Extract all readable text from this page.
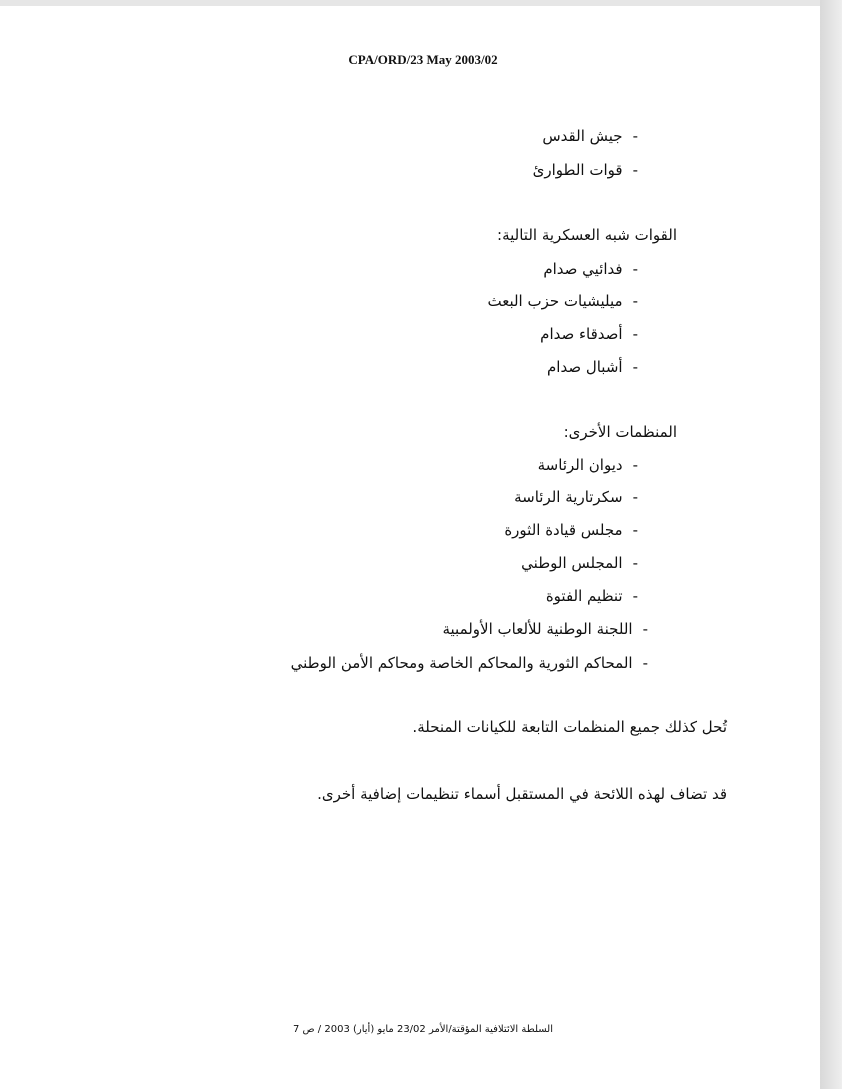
CPA/ORD/23 May 2003/02
-جيش القدس
-قوات الطوارئ
القوات شبه العسكرية التالية:
-فدائيي صدام
-ميليشيات حزب البعث
-أصدقاء صدام
-أشبال صدام
المنظمات الأخرى:
-ديوان الرئاسة
-سكرتارية الرئاسة
-مجلس قيادة الثورة
-المجلس الوطني
-تنظيم الفتوة
-اللجنة الوطنية للألعاب الأولمبية
-المحاكم الثورية والمحاكم الخاصة ومحاكم الأمن الوطني
تُحل كذلك جميع المنظمات التابعة للكيانات المنحلة.
قد تضاف لهذه اللائحة في المستقبل أسماء تنظيمات إضافية أخرى.
السلطة الائتلافية المؤقتة/الأمر 23/02 مايو (أيار) 2003 / ص 7
